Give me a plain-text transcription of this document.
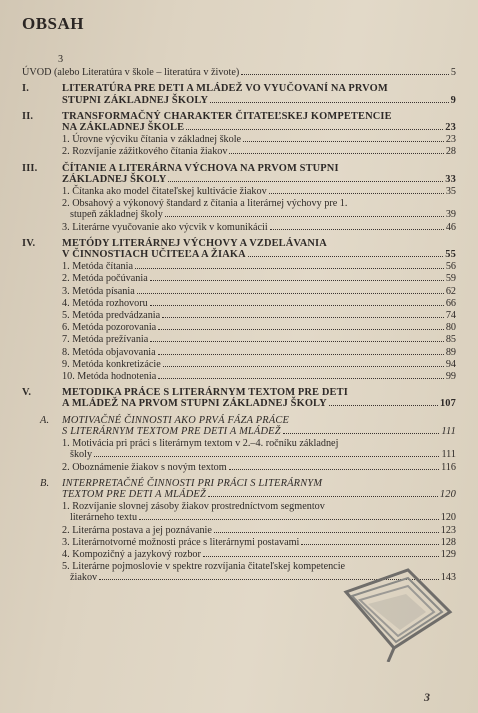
OBSAH
3
ÚVOD (alebo Literatúra v škole – literatúra v živote)	5
I.	LITERATÚRA PRE DETI A MLÁDEŽ VO VYUČOVANÍ NA PRVOM
STUPNI ZÁKLADNEJ ŠKOLY	9
II.	TRANSFORMAČNÝ CHARAKTER ČITATEĽSKEJ KOMPETENCIE
NA ZÁKLADNEJ ŠKOLE	23
1. Úrovne výcviku čítania v základnej škole	23
2. Rozvíjanie zážitkového čítania žiakov	28
III.	ČÍTANIE A LITERÁRNA VÝCHOVA NA PRVOM STUPNI
ZÁKLADNEJ ŠKOLY	33
1. Čítanka ako model čitateľskej kultivácie žiakov	35
2. Obsahový a výkonový štandard z čítania a literárnej výchovy pre 1.
stupeň základnej školy	39
3. Literárne vyučovanie ako výcvik v komunikácii	46
IV.	METÓDY LITERÁRNEJ VÝCHOVY A VZDELÁVANIA
V ČINNOSTIACH UČITEĽA A ŽIAKA	55
1. Metóda čítania	56
2. Metóda počúvania	59
3. Metóda písania	62
4. Metóda rozhovoru	66
5. Metóda predvádzania	74
6. Metóda pozorovania	80
7. Metóda prežívania	85
8. Metóda objavovania	89
9. Metóda konkretizácie	94
10. Metóda hodnotenia	99
V.	METODIKA PRÁCE S LITERÁRNYM TEXTOM PRE DETI
A MLÁDEŽ NA PRVOM STUPNI ZÁKLADNEJ ŠKOLY	107
A.	MOTIVAČNÉ ČINNOSTI AKO PRVÁ FÁZA PRÁCE
S LITERÁRNYM TEXTOM PRE DETI A MLÁDEŽ	111
1. Motivácia pri práci s literárnym textom v 2.–4. ročníku základnej
školy	111
2. Oboznámenie žiakov s novým textom	116
B.	INTERPRETAČNÉ ČINNOSTI PRI PRÁCI S LITERÁRNYM
TEXTOM PRE DETI A MLÁDEŽ	120
1. Rozvíjanie slovnej zásoby žiakov prostredníctvom segmentov
literárneho textu	120
2. Literárna postava a jej poznávanie	123
3. Literárnotvorné možnosti práce s literárnymi postavami	128
4. Kompozičný a jazykový rozbor	129
5. Literárne pojmoslovie v spektre rozvíjania čitateľskej kompetencie
žiakov	143
3
